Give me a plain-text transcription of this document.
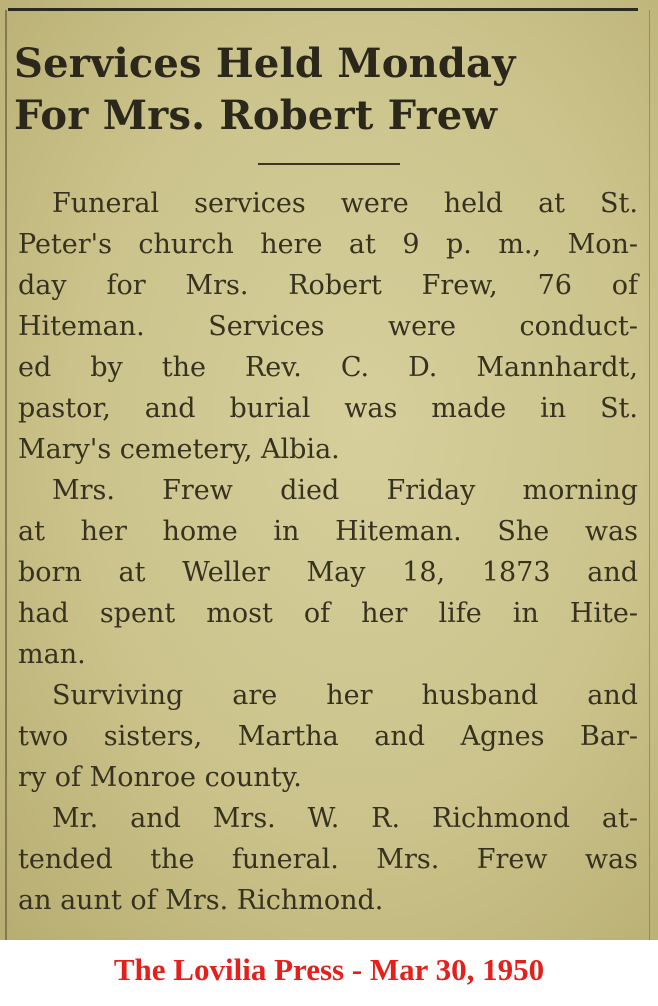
Services Held Monday
For Mrs. Robert Frew
Funeral services were held at St.
Peter's church here at 9 p. m., Mon-
day for Mrs. Robert Frew, 76 of
Hiteman. Services were conduct-
ed by the Rev. C. D. Mannhardt,
pastor, and burial was made in St.
Mary's cemetery, Albia.
Mrs. Frew died Friday morning
at her home in Hiteman. She was
born at Weller May 18, 1873 and
had spent most of her life in Hite-
man.
Surviving are her husband and
two sisters, Martha and Agnes Bar-
ry of Monroe county.
Mr. and Mrs. W. R. Richmond at-
tended the funeral. Mrs. Frew was
an aunt of Mrs. Richmond.
The Lovilia Press - Mar 30, 1950
